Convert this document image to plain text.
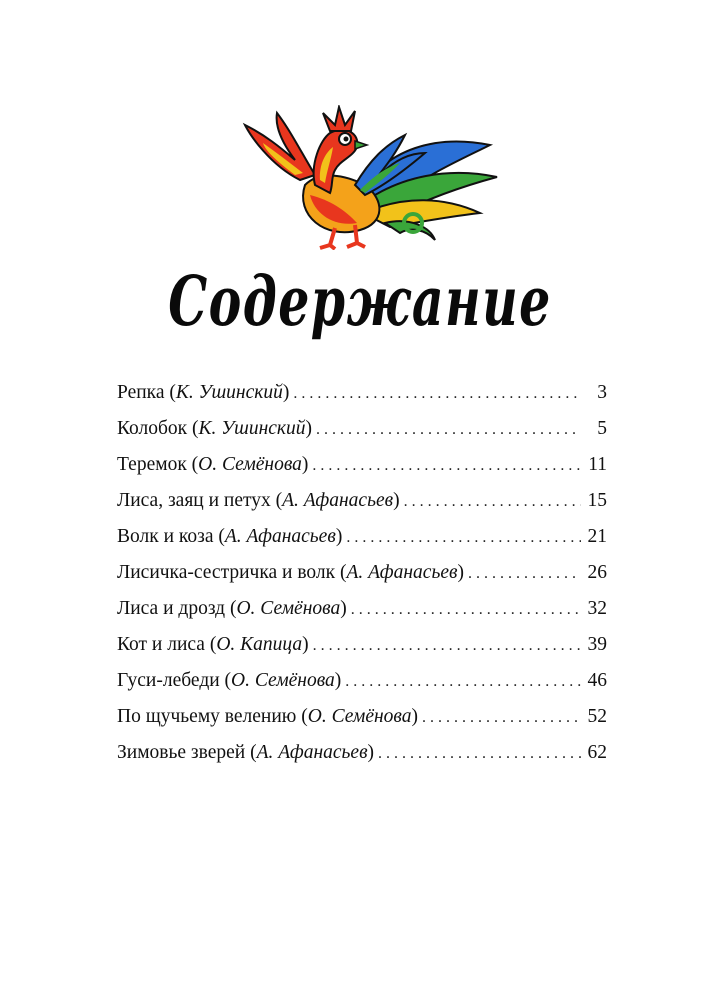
Содержание
Репка (К. Ушинский) . . .	3
Колобок (К. Ушинский) . . .	5
Теремок (О. Семёнова) . . .	11
Лиса, заяц и петух (А. Афанасьев) . . .	15
Волк и коза (А. Афанасьев) . . .	21
Лисичка-сестричка и волк (А. Афанасьев) . . .	26
Лиса и дрозд (О. Семёнова) . . .	32
Кот и лиса (О. Капица) . . .	39
Гуси-лебеди (О. Семёнова) . . .	46
По щучьему велению (О. Семёнова) . . .	52
Зимовье зверей (А. Афанасьев) . . .	62
